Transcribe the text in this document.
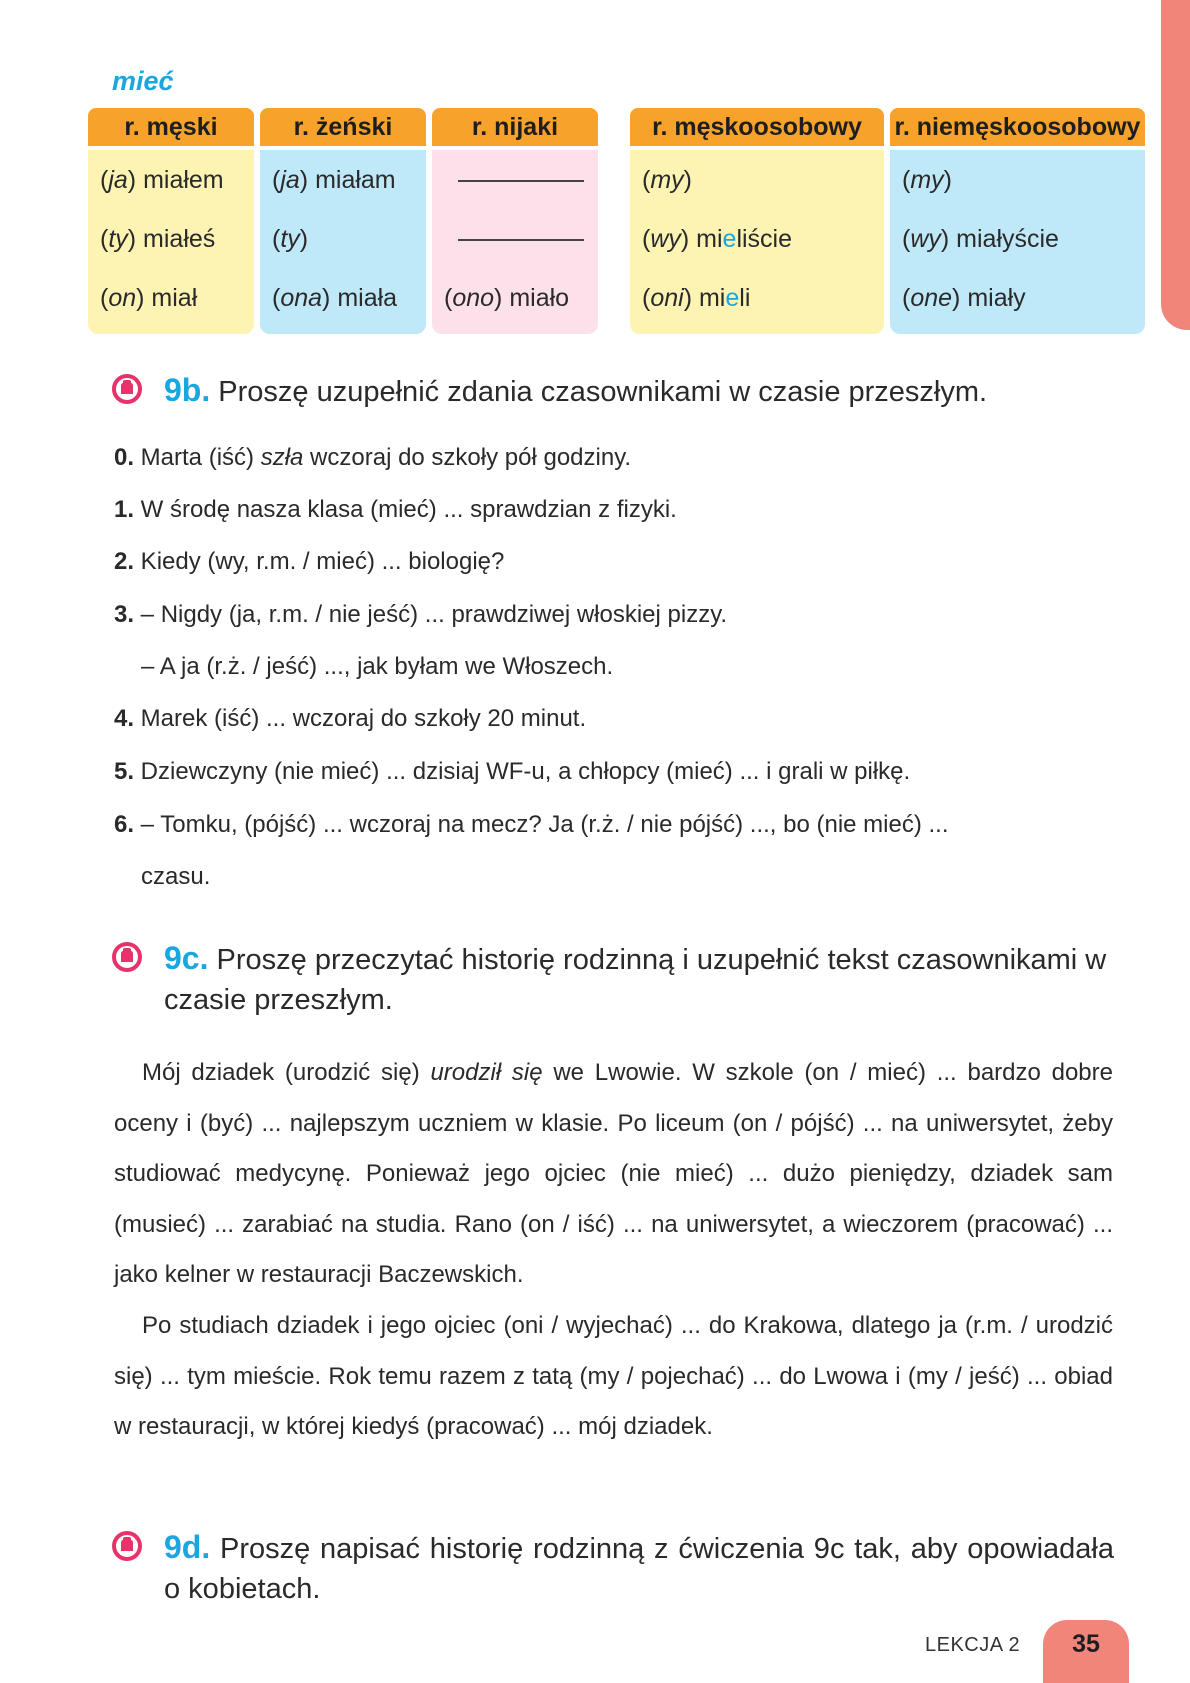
mieć
r. męski
(ja) miałem
(ty) miałeś
(on) miał
r. żeński
(ja) miałam
(ty)
(ona) miała
r. nijaki
(ono) miało
r. męskoosobowy
(my)
(wy) mieliście
(oni) mieli
r. niemęskoosobowy
(my)
(wy) miałyście
(one) miały
9b. Proszę uzupełnić zdania czasownikami w czasie przeszłym.
0. Marta (iść) szła wczoraj do szkoły pół godziny.
1. W środę nasza klasa (mieć) ... sprawdzian z fizyki.
2. Kiedy (wy, r.m. / mieć) ... biologię?
3. – Nigdy (ja, r.m. / nie jeść) ... prawdziwej włoskiej pizzy.
– A ja (r.ż. / jeść) ..., jak byłam we Włoszech.
4. Marek (iść) ... wczoraj do szkoły 20 minut.
5. Dziewczyny (nie mieć) ... dzisiaj WF-u, a chłopcy (mieć) ... i grali w piłkę.
6. – Tomku, (pójść) ... wczoraj na mecz? Ja (r.ż. / nie pójść) ..., bo (nie mieć) ...
czasu.
9c. Proszę przeczytać historię rodzinną i uzupełnić tekst czasownikami w czasie przeszłym.

Mój dziadek (urodzić się) urodził się we Lwowie. W szkole (on / mieć) ... bardzo dobre oceny i (być) ... najlepszym uczniem w klasie. Po liceum (on / pójść) ... na uniwersytet, żeby studiować medycynę. Ponieważ jego ojciec (nie mieć) ... dużo pieniędzy, dziadek sam (musieć) ... zarabiać na studia. Rano (on / iść) ... na uniwersytet, a wieczorem (pracować) ... jako kelner w restauracji Baczewskich.

Po studiach dziadek i jego ojciec (oni / wyjechać) ... do Krakowa, dlatego ja (r.m. / urodzić się) ... tym mieście. Rok temu razem z tatą (my / pojechać) ... do Lwowa i (my / jeść) ... obiad w restauracji, w której kiedyś (pracować) ... mój dziadek.

9d. Proszę napisać historię rodzinną z ćwiczenia 9c tak, aby opowiadała o kobietach.
LEKCJA 2	35
